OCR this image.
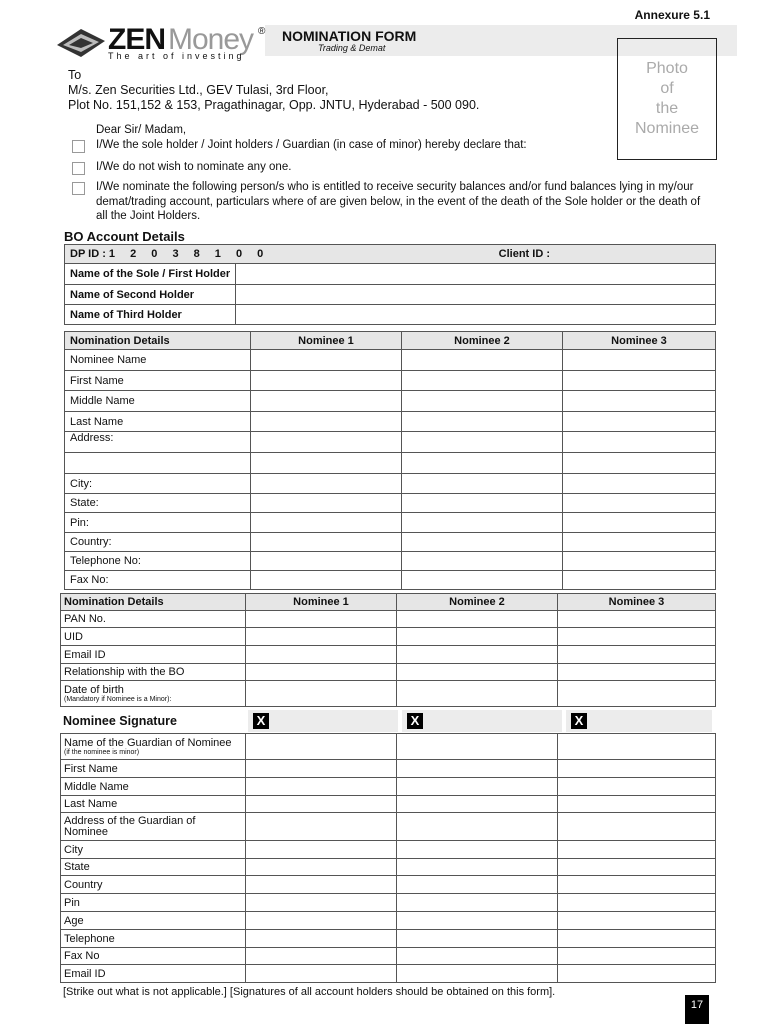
Annexure 5.1
ZEN Money ®
The art of investing
NOMINATION FORM
Trading & Demat
Photo
of
the
Nominee
To
M/s. Zen Securities Ltd., GEV Tulasi, 3rd Floor,
Plot No. 151,152 & 153, Pragathinagar, Opp. JNTU, Hyderabad - 500 090.
Dear Sir/ Madam,
I/We the sole holder / Joint holders / Guardian (in case of minor) hereby declare that:
I/We do not wish to nominate any one.
I/We nominate the following person/s who is entitled to receive security balances and/or fund balances lying in my/our
demat/trading account, particulars where of are given below, in the event of the death of the Sole holder or the death of
all the Joint Holders.
BO Account Details
DP ID : 1 2 0 3 8 1 0 0 Client ID :	

Name of the Sole / First Holder	
Name of Second Holder	
Name of Third Holder	
Nomination Details	Nominee 1	Nominee 2	Nominee 3
Nominee Name			
First Name			
Middle Name			
Last Name			
Address:			

City:			
State:			
Pin:			
Country:			
Telephone No:			
Fax No:			
Nomination Details	Nominee 1	Nominee 2	Nominee 3
PAN No.			
UID			
Email ID			
Relationship with the BO			
Date of birth
(Mandatory if Nominee is a Minor):			

Nominee Signature	X	X	X
Name of the Guardian of Nominee
(if the nominee is minor)			

First Name			
Middle Name			
Last Name			

Address of the Guardian of
Nominee			

City			
State			
Country			
Pin			
Age			
Telephone			
Fax No			
Email ID			
[Strike out what is not applicable.] [Signatures of all account holders should be obtained on this form].
17
